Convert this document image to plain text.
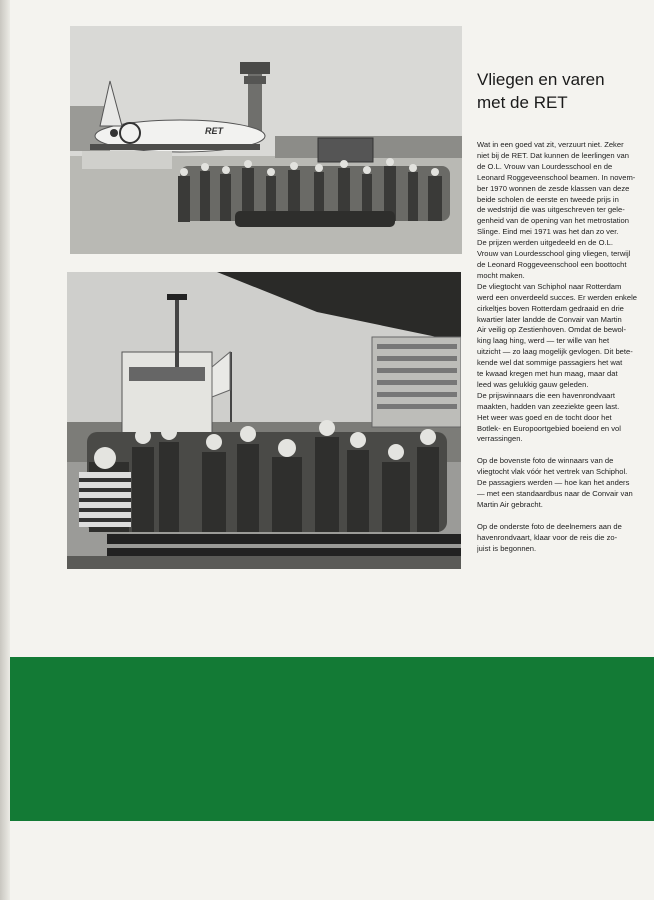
RET
Vliegen en varen
met de RET

Wat in een goed vat zit, verzuurt niet. Zeker
niet bij de RET. Dat kunnen de leerlingen van
de O.L. Vrouw van Lourdesschool en de
Leonard Roggeveenschool beamen. In novem-
ber 1970 wonnen de zesde klassen van deze
beide scholen de eerste en tweede prijs in
de wedstrijd die was uitgeschreven ter gele-
genheid van de opening van het metrostation
Slinge. Eind mei 1971 was het dan zo ver.
De prijzen werden uitgedeeld en de O.L.
Vrouw van Lourdesschool ging vliegen, terwijl
de Leonard Roggeveenschool een boottocht
mocht maken.
De vliegtocht van Schiphol naar Rotterdam
werd een onverdeeld succes. Er werden enkele
cirkeltjes boven Rotterdam gedraaid en drie
kwartier later landde de Convair van Martin
Air veilig op Zestienhoven. Omdat de bewol-
king laag hing, werd — ter wille van het
uitzicht — zo laag mogelijk gevlogen. Dit bete-
kende wel dat sommige passagiers het wat
te kwaad kregen met hun maag, maar dat
leed was gelukkig gauw geleden.
De prijswinnaars die een havenrondvaart
maakten, hadden van zeeziekte geen last.
Het weer was goed en de tocht door het
Botlek- en Europoortgebied boeiend en vol
verrassingen.

Op de bovenste foto de winnaars van de
vliegtocht vlak vóór het vertrek van Schiphol.
De passagiers werden — hoe kan het anders
— met een standaardbus naar de Convair van
Martin Air gebracht.

Op de onderste foto de deelnemers aan de
havenrondvaart, klaar voor de reis die zo-
juist is begonnen.
